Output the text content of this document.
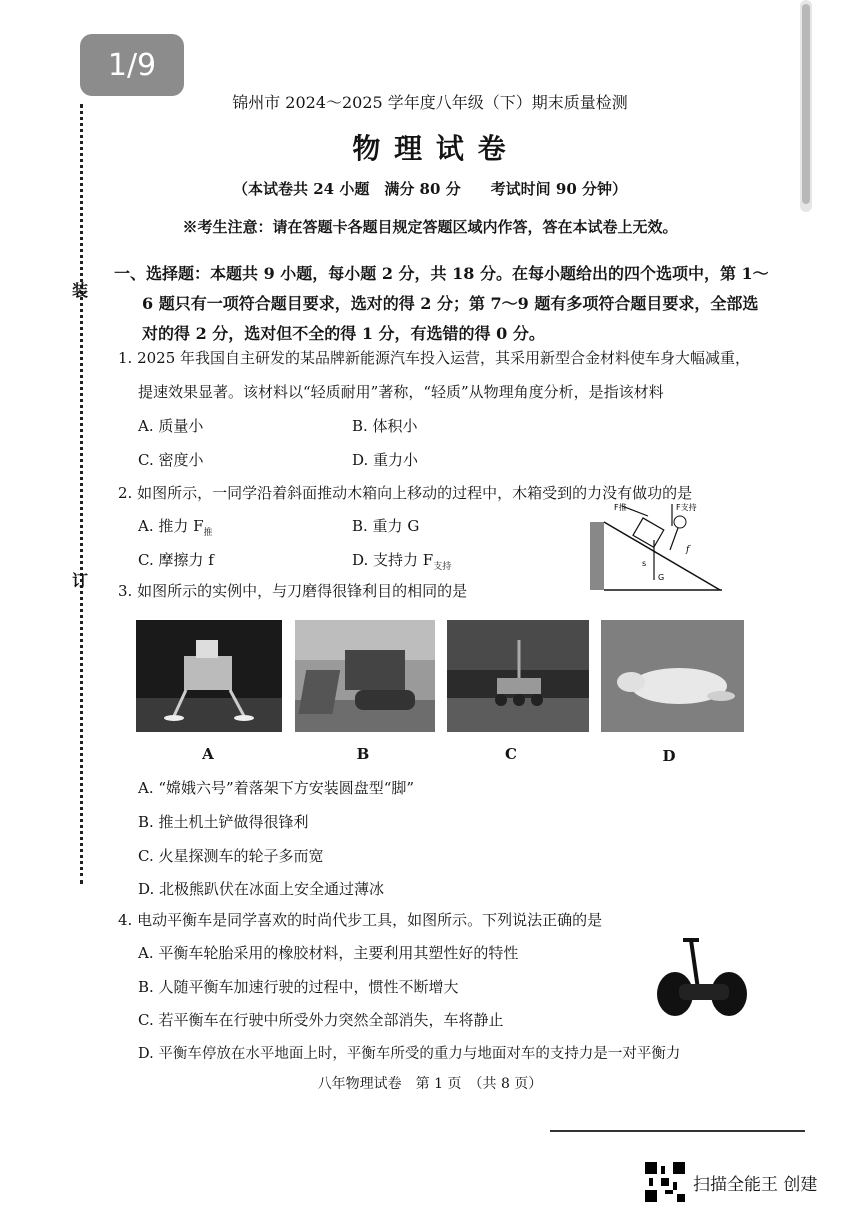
1/9
装
订
锦州市 2024～2025 学年度八年级（下）期末质量检测
物 理 试 卷
（本试卷共 24 小题　满分 80 分　　考试时间 90 分钟）
※考生注意：请在答题卡各题目规定答题区域内作答，答在本试卷上无效。
一、选择题：本题共 9 小题，每小题 2 分，共 18 分。在每小题给出的四个选项中，第 1～
6 题只有一项符合题目要求，选对的得 2 分；第 7～9 题有多项符合题目要求，全部选
对的得 2 分，选对但不全的得 1 分，有选错的得 0 分。
1. 2025 年我国自主研发的某品牌新能源汽车投入运营，其采用新型合金材料使车身大幅减重，
提速效果显著。该材料以“轻质耐用”著称，“轻质”从物理角度分析，是指该材料
A. 质量小	B. 体积小
C. 密度小	D. 重力小
2. 如图所示，一同学沿着斜面推动木箱向上移动的过程中，木箱受到的力没有做功的是
A. 推力 $F_推$	B. 重力 G
C. 摩擦力 f	D. 支持力 $F_{支持}$
F推	F支持
s
G
f
3. 如图所示的实例中，与刀磨得很锋利目的相同的是
A	B	C	D
A. “嫦娥六号”着落架下方安装圆盘型“脚”
B. 推土机土铲做得很锋利
C. 火星探测车的轮子多而宽
D. 北极熊趴伏在冰面上安全通过薄冰
4. 电动平衡车是同学喜欢的时尚代步工具，如图所示。下列说法正确的是
A. 平衡车轮胎采用的橡胶材料，主要利用其塑性好的特性
B. 人随平衡车加速行驶的过程中，惯性不断增大
C. 若平衡车在行驶中所受外力突然全部消失，车将静止
D. 平衡车停放在水平地面上时，平衡车所受的重力与地面对车的支持力是一对平衡力
八年物理试卷　第 1 页　（共 8 页）
扫描全能王 创建
